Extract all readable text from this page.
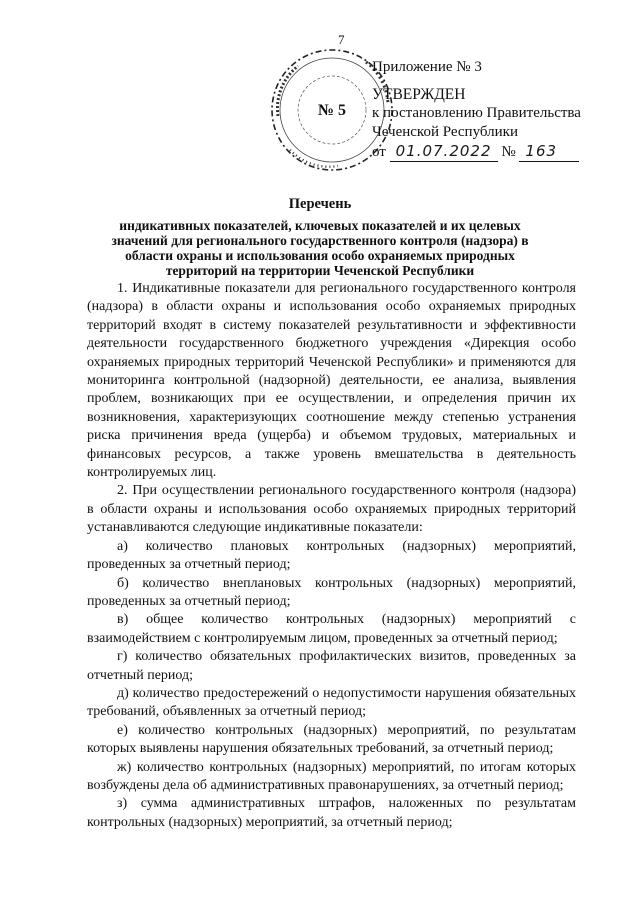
7
№ 5
Приложение № 3
УТВЕРЖДЕН
к постановлению Правительства
Чеченской Республики
от 01.07.2022 № 163
Перечень
индикативных показателей, ключевых показателей и их целевых значений для регионального государственного контроля (надзора) в области охраны и использования особо охраняемых природных территорий на территории Чеченской Республики

1. Индикативные показатели для регионального государственного контроля (надзора) в области охраны и использования особо охраняемых природных территорий входят в систему показателей результативности и эффективности деятельности государственного бюджетного учреждения «Дирекция особо охраняемых природных территорий Чеченской Республики» и применяются для мониторинга контрольной (надзорной) деятельности, ее анализа, выявления проблем, возникающих при ее осуществлении, и определения причин их возникновения, характеризующих соотношение между степенью устранения риска причинения вреда (ущерба) и объемом трудовых, материальных и финансовых ресурсов, а также уровень вмешательства в деятельность контролируемых лиц.

2. При осуществлении регионального государственного контроля (надзора) в области охраны и использования особо охраняемых природных территорий устанавливаются следующие индикативные показатели:

а) количество плановых контрольных (надзорных) мероприятий, проведенных за отчетный период;

б) количество внеплановых контрольных (надзорных) мероприятий, проведенных за отчетный период;

в) общее количество контрольных (надзорных) мероприятий с взаимодействием с контролируемым лицом, проведенных за отчетный период;

г) количество обязательных профилактических визитов, проведенных за отчетный период;

д) количество предостережений о недопустимости нарушения обязательных требований, объявленных за отчетный период;

е) количество контрольных (надзорных) мероприятий, по результатам которых выявлены нарушения обязательных требований, за отчетный период;

ж) количество контрольных (надзорных) мероприятий, по итогам которых возбуждены дела об административных правонарушениях, за отчетный период;

з) сумма административных штрафов, наложенных по результатам контрольных (надзорных) мероприятий, за отчетный период;
